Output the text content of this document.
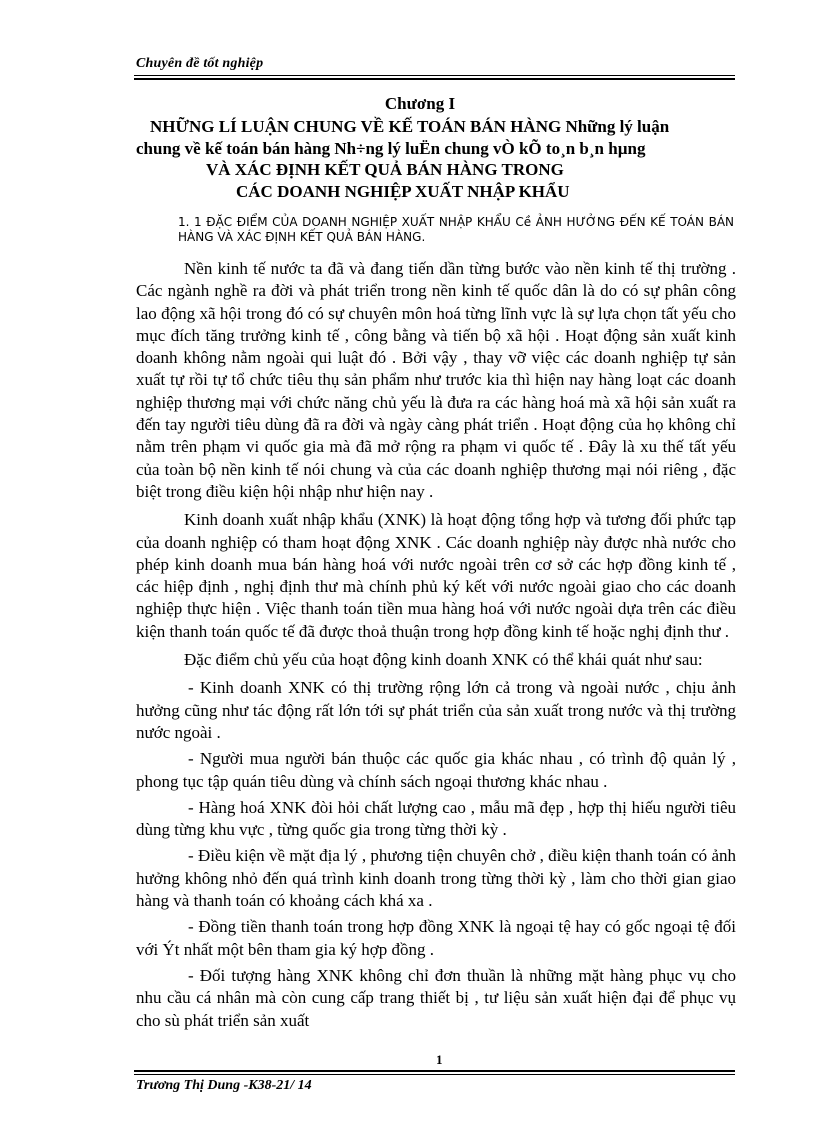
Chuyên đề tốt nghiệp
Chương I
NHỮNG LÍ LUẬN CHUNG VỀ KẾ TOÁN BÁN HÀNG Những lý luận
chung về kế toán bán hàng Nh÷ng lý luËn chung vÒ kÕ to¸n b¸n hµng
VÀ XÁC ĐỊNH KẾT QUẢ BÁN HÀNG TRONG
CÁC DOANH NGHIỆP XUẤT NHẬP KHẨU
1. 1 ĐẶC ĐIỂM CỦA DOANH NGHIỆP XUẤT NHẬP KHẨU Cề ẢNH HƯỞNG ĐẾN KẾ TOÁN BÁN HÀNG VÀ XÁC ĐỊNH KẾT QUẢ BÁN HÀNG.

Nền kinh tế nước ta đã và đang tiến dần từng bước vào nền kinh tế thị trường . Các ngành nghề ra đời và phát triển trong nền kinh tế quốc dân là do có sự phân công lao động xã hội trong đó có sự chuyên môn hoá từng lĩnh vực là sự lựa chọn tất yếu cho mục đích tăng trưởng kinh tế , công bằng và tiến bộ xã hội . Hoạt động sản xuất kinh doanh không nằm ngoài qui luật đó . Bởi vậy , thay vỡ việc các doanh nghiệp tự sản xuất tự rồi tự tổ chức tiêu thụ sản phẩm như trước kia thì hiện nay hàng loạt các doanh nghiệp thương mại với chức năng chủ yếu là đưa ra các hàng hoá mà xã hội sản xuất ra đến tay người tiêu dùng đã ra đời và ngày càng phát triển . Hoạt động của họ không chỉ nằm trên phạm vi quốc gia mà đã mở rộng ra phạm vi quốc tế . Đây là xu thế tất yếu của toàn bộ nền kinh tế nói chung và của các doanh nghiệp thương mại nói riêng , đặc biệt trong điều kiện hội nhập như hiện nay .

Kinh doanh xuất nhập khẩu (XNK) là hoạt động tổng hợp và tương đối phức tạp của doanh nghiệp có tham hoạt động XNK . Các doanh nghiệp này được nhà nước cho phép kinh doanh mua bán hàng hoá với nước ngoài trên cơ sở các hợp đồng kinh tế , các hiệp định , nghị định thư mà chính phủ ký kết với nước ngoài giao cho các doanh nghiệp thực hiện . Việc thanh toán tiền mua hàng hoá với nước ngoài dựa trên các điều kiện thanh toán quốc tế đã được thoả thuận trong hợp đồng kinh tế hoặc nghị định thư .

Đặc điểm chủ yếu của hoạt động kinh doanh XNK có thể khái quát như sau:

- Kinh doanh XNK có thị trường rộng lớn cả trong và ngoài nước , chịu ảnh hưởng cũng như tác động rất lớn tới sự phát triển của sản xuất trong nước và thị trường nước ngoài .

- Người mua người bán thuộc các quốc gia khác nhau , có trình độ quản lý , phong tục tập quán tiêu dùng và chính sách ngoại thương khác nhau .

- Hàng hoá XNK đòi hỏi chất lượng cao , mẫu mã đẹp , hợp thị hiếu người tiêu dùng từng khu vực , từng quốc gia trong từng thời kỳ .

- Điều kiện về mặt địa lý , phương tiện chuyên chở , điều kiện thanh toán có ảnh hưởng không nhỏ đến quá trình kinh doanh trong từng thời kỳ , làm cho thời gian giao hàng và thanh toán có khoảng cách khá xa .

- Đồng tiền thanh toán trong hợp đồng XNK là ngoại tệ hay có gốc ngoại tệ đối với Ýt nhất một bên tham gia ký hợp đồng .

- Đối tượng hàng XNK không chỉ đơn thuần là những mặt hàng phục vụ cho nhu cầu cá nhân mà còn cung cấp trang thiết bị , tư liệu sản xuất hiện đại để phục vụ cho sù phát triển sản xuất

1
Trương Thị Dung -K38-21/ 14
